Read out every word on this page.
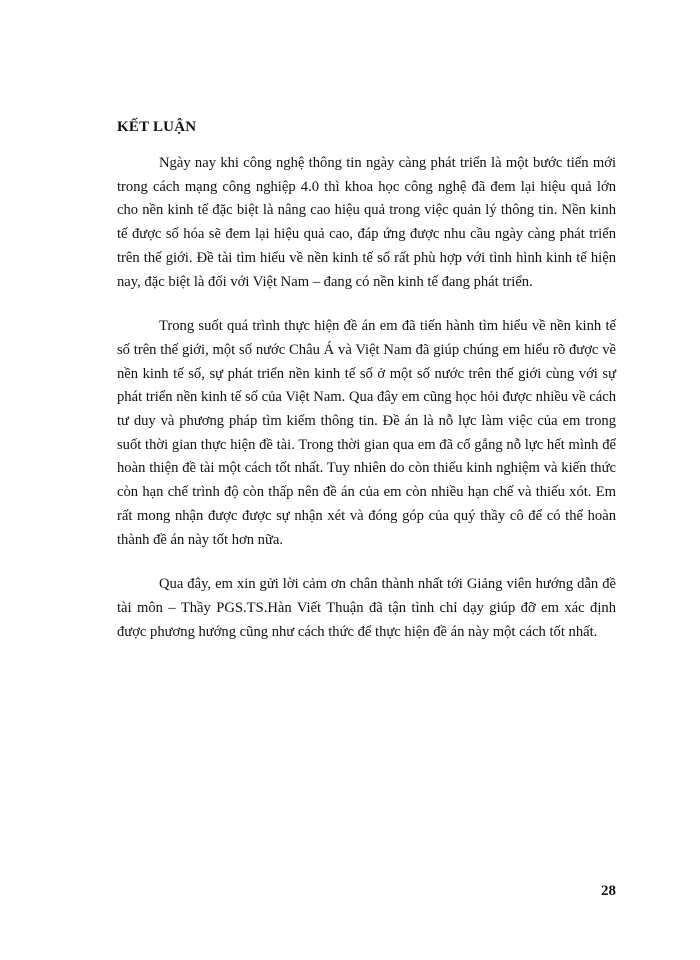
KẾT LUẬN

Ngày nay khi công nghệ thông tin ngày càng phát triển là một bước tiến mới trong cách mạng công nghiệp 4.0 thì khoa học công nghệ đã đem lại hiệu quả lớn cho nền kinh tế đặc biệt là nâng cao hiệu quả trong việc quản lý thông tin. Nền kinh tế được số hóa sẽ đem lại hiệu quả cao, đáp ứng được nhu cầu ngày càng phát triển trên thế giới. Đề tài tìm hiểu về nền kinh tế số rất phù hợp với tình hình kinh tế hiện nay, đặc biệt là đối với Việt Nam – đang có nền kinh tế đang phát triển.

Trong suốt quá trình thực hiện đề án em đã tiến hành tìm hiểu về nền kinh tế số trên thế giới, một số nước Châu Á và Việt Nam đã giúp chúng em hiểu rõ được về nền kinh tế số, sự phát triển nền kinh tế số ở một số nước trên thế giới cùng với sự phát triển nền kinh tế số của Việt Nam. Qua đây em cũng học hỏi được nhiều về cách tư duy và phương pháp tìm kiếm thông tin. Đề án là nỗ lực làm việc của em trong suốt thời gian thực hiện đề tài. Trong thời gian qua em đã cố gắng nỗ lực hết mình để hoàn thiện đề tài một cách tốt nhất. Tuy nhiên do còn thiếu kinh nghiệm và kiến thức còn hạn chế trình độ còn thấp nên đề án của em còn nhiều hạn chế và thiếu xót. Em rất mong nhận được được sự nhận xét và đóng góp của quý thầy cô để có thể hoàn thành đề án này tốt hơn nữa.

Qua đây, em xin gửi lời cảm ơn chân thành nhất tới Giảng viên hướng dẫn đề tài môn – Thầy PGS.TS.Hàn Viết Thuận đã tận tình chỉ dạy giúp đỡ em xác định được phương hướng cũng như cách thức để thực hiện đề án này một cách tốt nhất.

28
